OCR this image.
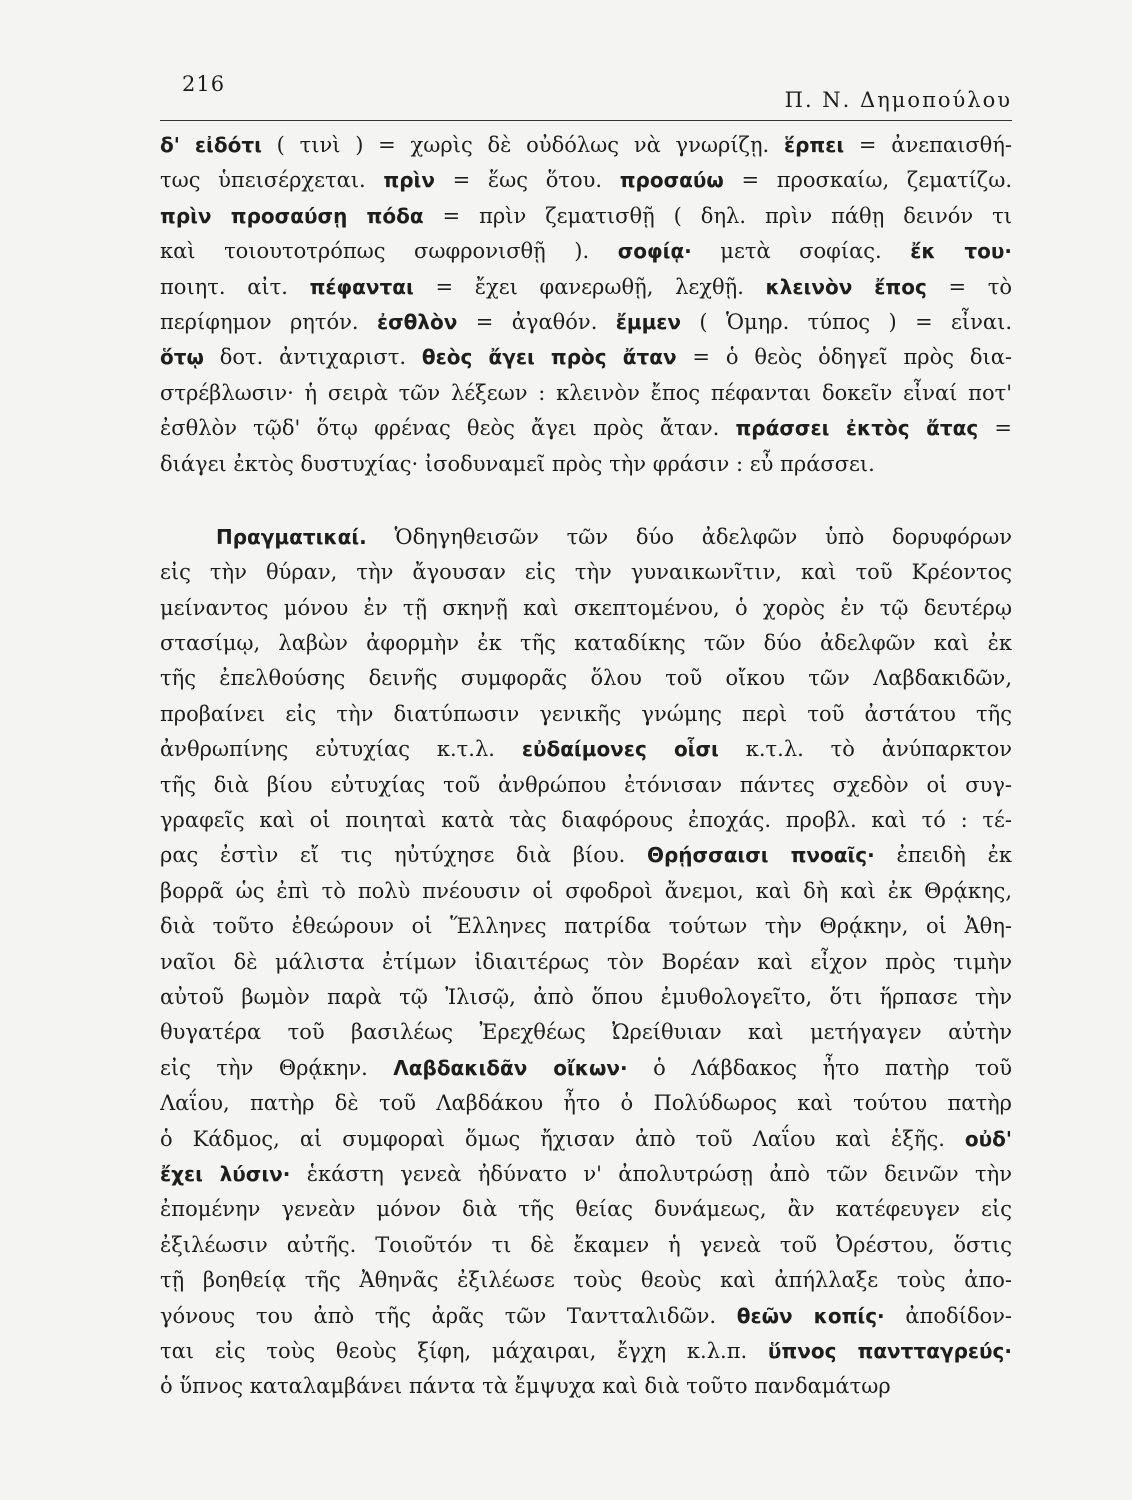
216
Π. Ν. Δημοπούλου
δ' εἰδότι ( τινὶ ) = χωρὶς δὲ οὐδόλως νὰ γνωρίζῃ. ἕρπει = ἀνεπαισθή-
τως ὑπεισέρχεται. πρὶν = ἕως ὅτου. προσαύω = προσκαίω, ζεματίζω.
πρὶν προσαύσῃ πόδα = πρὶν ζεματισθῇ ( δηλ. πρὶν πάθῃ δεινόν τι
καὶ τοιουτοτρόπως σωφρονισθῇ ). σοφίᾳ· μετὰ σοφίας. ἔκ του·
ποιητ. αἰτ. πέφανται = ἔχει φανερωθῇ, λεχθῇ. κλεινὸν ἔπος = τὸ
περίφημον ρητόν. ἐσθλὸν = ἀγαθόν. ἔμμεν ( Ὁμηρ. τύπος ) = εἶναι.
ὅτῳ δοτ. ἀντιχαριστ. θεὸς ἄγει πρὸς ἄταν = ὁ θεὸς ὁδηγεῖ πρὸς δια-
στρέβλωσιν· ἡ σειρὰ τῶν λέξεων : κλεινὸν ἔπος πέφανται δοκεῖν εἶναί ποτ'
ἐσθλὸν τῷδ' ὅτῳ φρένας θεὸς ἄγει πρὸς ἄταν. πράσσει ἐκτὸς ἄτας =
διάγει ἐκτὸς δυστυχίας· ἰσοδυναμεῖ πρὸς τὴν φράσιν : εὖ πράσσει.
Πραγματικαί. Ὁδηγηθεισῶν τῶν δύο ἀδελφῶν ὑπὸ δορυφόρων
εἰς τὴν θύραν, τὴν ἄγουσαν εἰς τὴν γυναικωνῖτιν, καὶ τοῦ Κρέοντος
μείναντος μόνου ἐν τῇ σκηνῇ καὶ σκεπτομένου, ὁ χορὸς ἐν τῷ δευτέρῳ
στασίμῳ, λαβὼν ἀφορμὴν ἐκ τῆς καταδίκης τῶν δύο ἀδελφῶν καὶ ἐκ
τῆς ἐπελθούσης δεινῆς συμφορᾶς ὅλου τοῦ οἴκου τῶν Λαβδακιδῶν,
προβαίνει εἰς τὴν διατύπωσιν γενικῆς γνώμης περὶ τοῦ ἀστάτου τῆς
ἀνθρωπίνης εὐτυχίας κ.τ.λ. εὐδαίμονες οἷσι κ.τ.λ. τὸ ἀνύπαρκτον
τῆς διὰ βίου εὐτυχίας τοῦ ἀνθρώπου ἐτόνισαν πάντες σχεδὸν οἱ συγ-
γραφεῖς καὶ οἱ ποιηταὶ κατὰ τὰς διαφόρους ἐποχάς. προβλ. καὶ τό : τέ-
ρας ἐστὶν εἴ τις ηὐτύχησε διὰ βίου. Θρῄσσαισι πνοαῖς· ἐπειδὴ ἐκ
βορρᾶ ὡς ἐπὶ τὸ πολὺ πνέουσιν οἱ σφοδροὶ ἄνεμοι, καὶ δὴ καὶ ἐκ Θρᾴκης,
διὰ τοῦτο ἐθεώρουν οἱ Ἕλληνες πατρίδα τούτων τὴν Θρᾴκην, οἱ Ἀθη-
ναῖοι δὲ μάλιστα ἐτίμων ἰδιαιτέρως τὸν Βορέαν καὶ εἶχον πρὸς τιμὴν
αὐτοῦ βωμὸν παρὰ τῷ Ἰλισῷ, ἀπὸ ὅπου ἐμυθολογεῖτο, ὅτι ἥρπασε τὴν
θυγατέρα τοῦ βασιλέως Ἐρεχθέως Ὠρείθυιαν καὶ μετήγαγεν αὐτὴν
εἰς τὴν Θρᾴκην. Λαβδακιδᾶν οἴκων· ὁ Λάβδακος ἦτο πατὴρ τοῦ
Λαΐου, πατὴρ δὲ τοῦ Λαβδάκου ἦτο ὁ Πολύδωρος καὶ τούτου πατὴρ
ὁ Κάδμος, αἱ συμφοραὶ ὅμως ἤχισαν ἀπὸ τοῦ Λαΐου καὶ ἑξῆς. οὐδ'
ἔχει λύσιν· ἑκάστη γενεὰ ἠδύνατο ν' ἀπολυτρώσῃ ἀπὸ τῶν δεινῶν τὴν
ἐπομένην γενεὰν μόνον διὰ τῆς θείας δυνάμεως, ἂν κατέφευγεν εἰς
ἐξιλέωσιν αὐτῆς. Τοιοῦτόν τι δὲ ἔκαμεν ἡ γενεὰ τοῦ Ὀρέστου, ὅστις
τῇ βοηθείᾳ τῆς Ἀθηνᾶς ἐξιλέωσε τοὺς θεοὺς καὶ ἀπήλλαξε τοὺς ἀπο-
γόνους του ἀπὸ τῆς ἀρᾶς τῶν Ταντταλιδῶν. θεῶν κοπίς· ἀποδίδον-
ται εἰς τοὺς θεοὺς ξίφη, μάχαιραι, ἔγχη κ.λ.π. ὕπνος παντταγρεύς·
ὁ ὕπνος καταλαμβάνει πάντα τὰ ἔμψυχα καὶ διὰ τοῦτο πανδαμάτωρ
